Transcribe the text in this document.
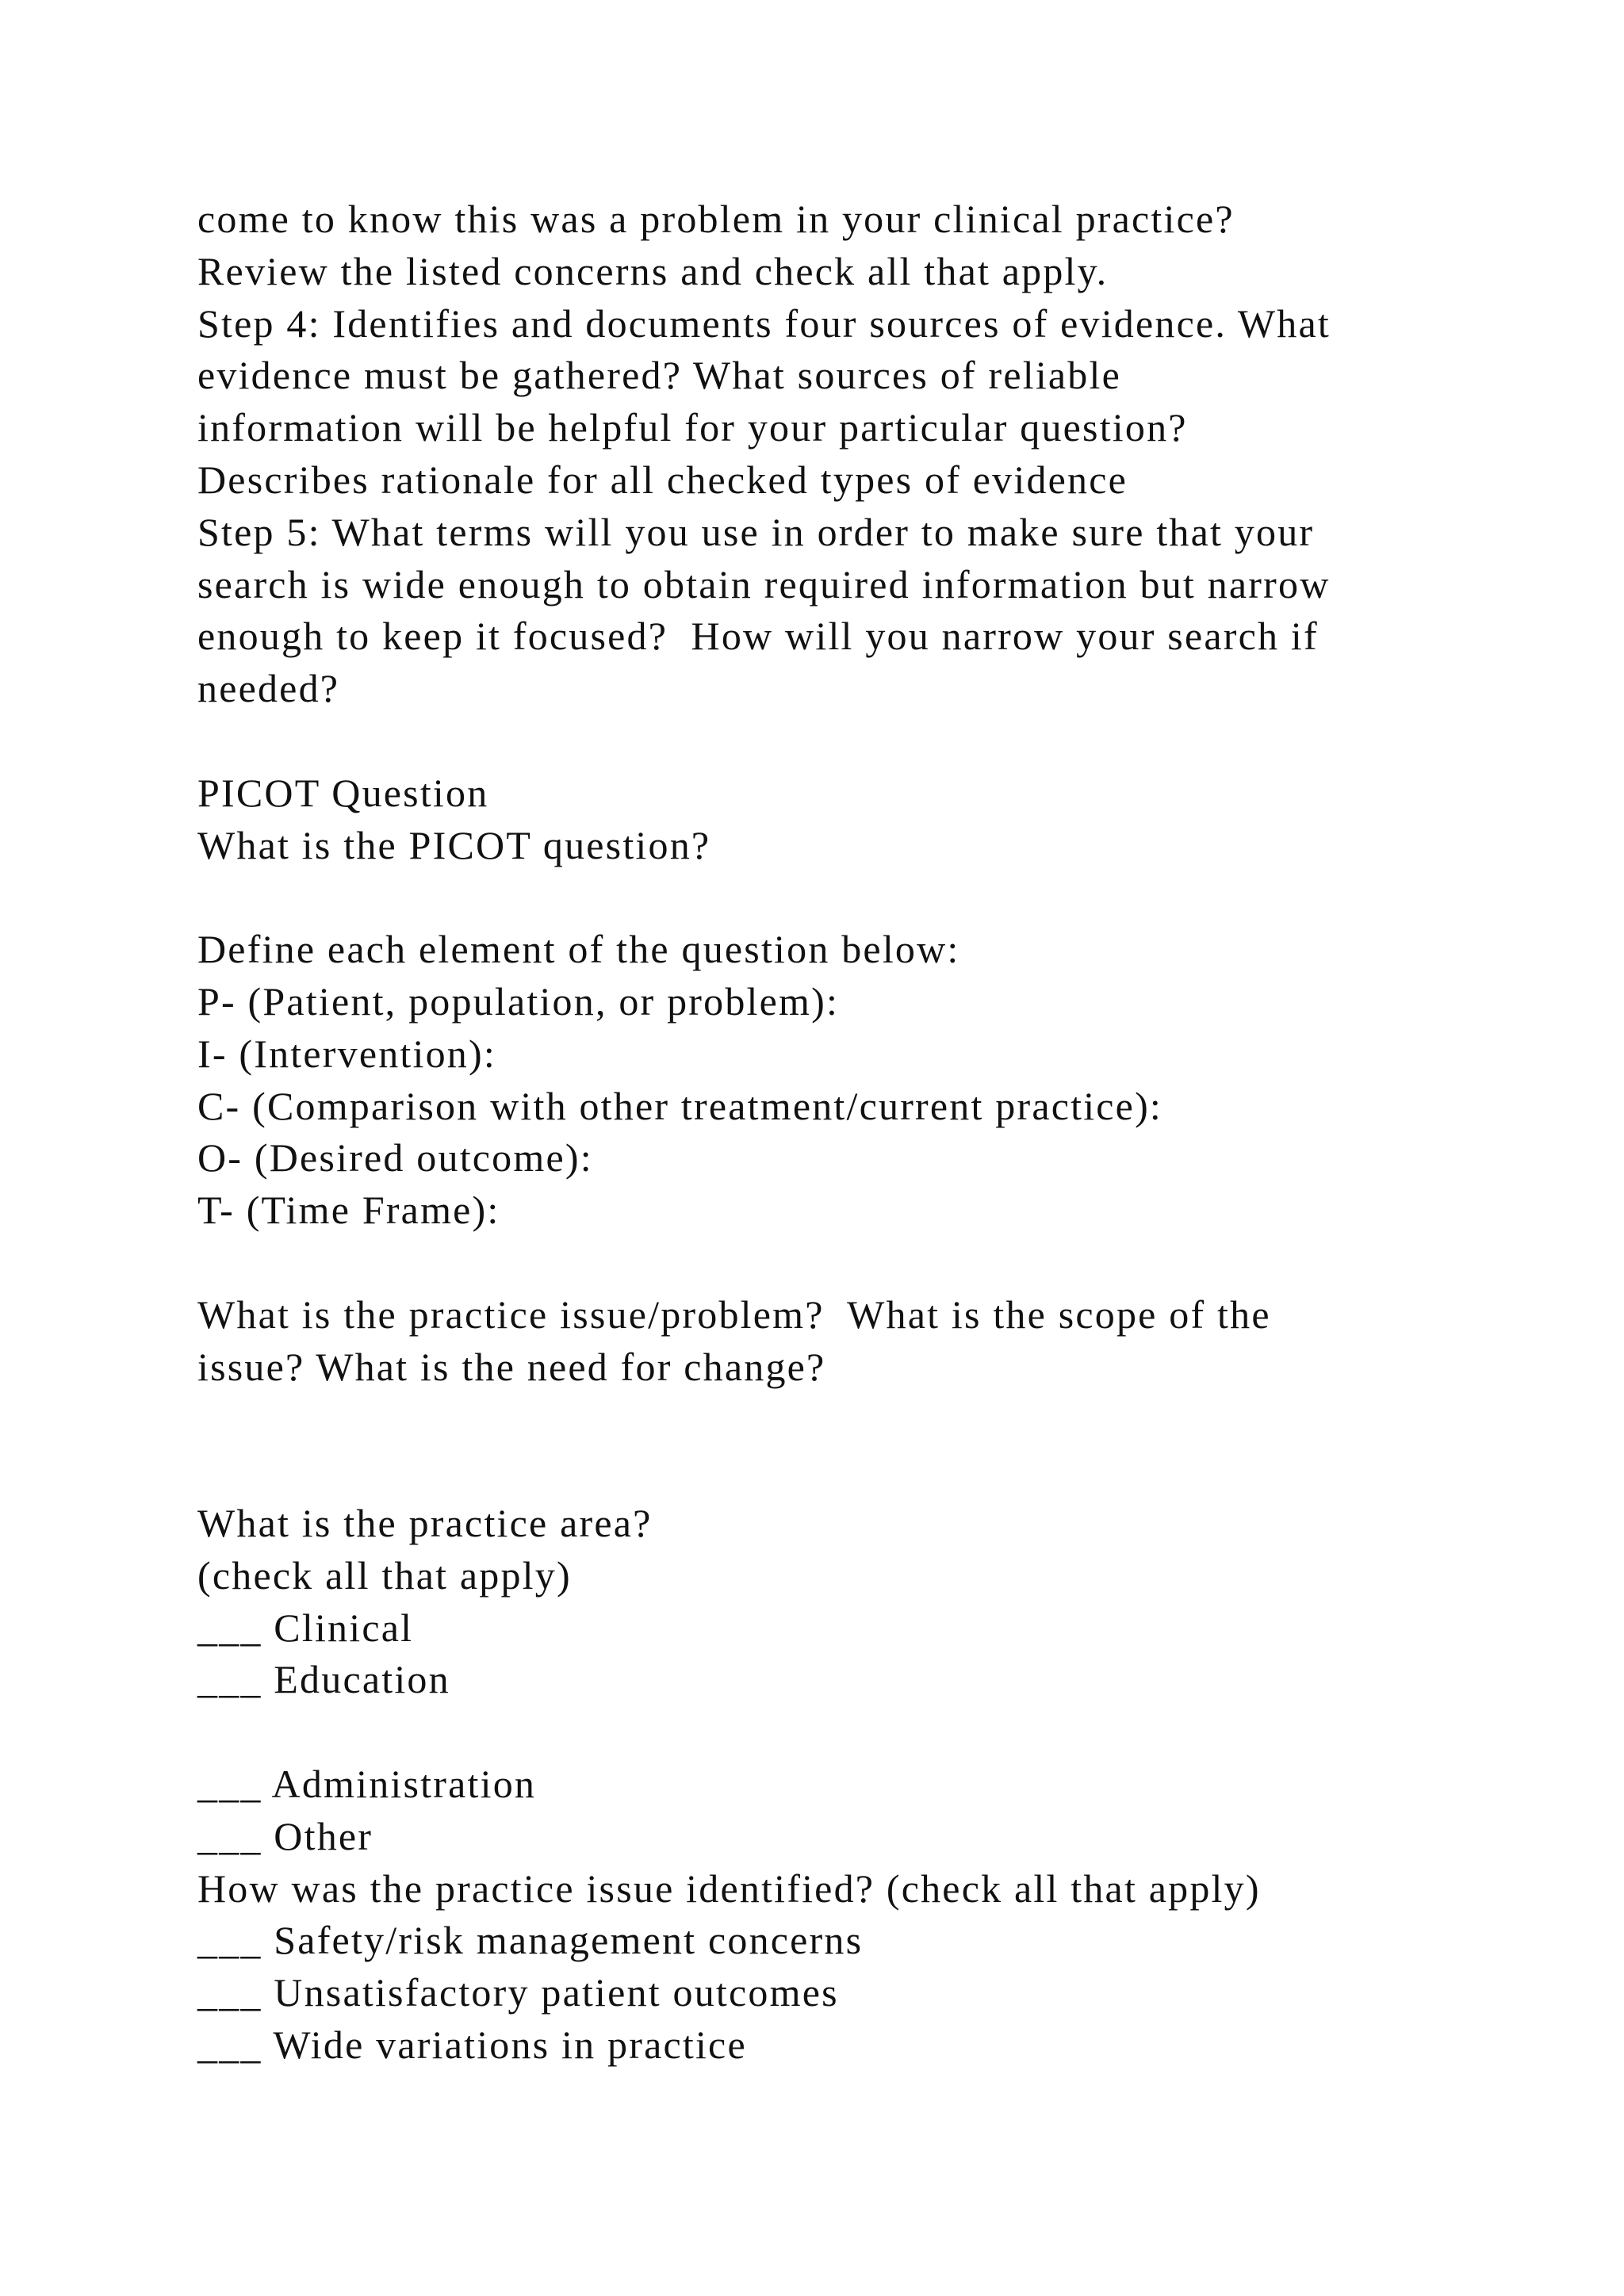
come to know this was a problem in your clinical practice?
Review the listed concerns and check all that apply.
Step 4: Identifies and documents four sources of evidence. What
evidence must be gathered? What sources of reliable
information will be helpful for your particular question?
Describes rationale for all checked types of evidence
Step 5: What terms will you use in order to make sure that your
search is wide enough to obtain required information but narrow
enough to keep it focused?  How will you narrow your search if
needed?
PICOT Question
What is the PICOT question?
Define each element of the question below:
P- (Patient, population, or problem):
I- (Intervention):
C- (Comparison with other treatment/current practice):
O- (Desired outcome):
T- (Time Frame):
What is the practice issue/problem?  What is the scope of the
issue? What is the need for change?
What is the practice area?
(check all that apply)
___ Clinical
___ Education
___ Administration
___ Other
How was the practice issue identified? (check all that apply)
___ Safety/risk management concerns
___ Unsatisfactory patient outcomes
___ Wide variations in practice
